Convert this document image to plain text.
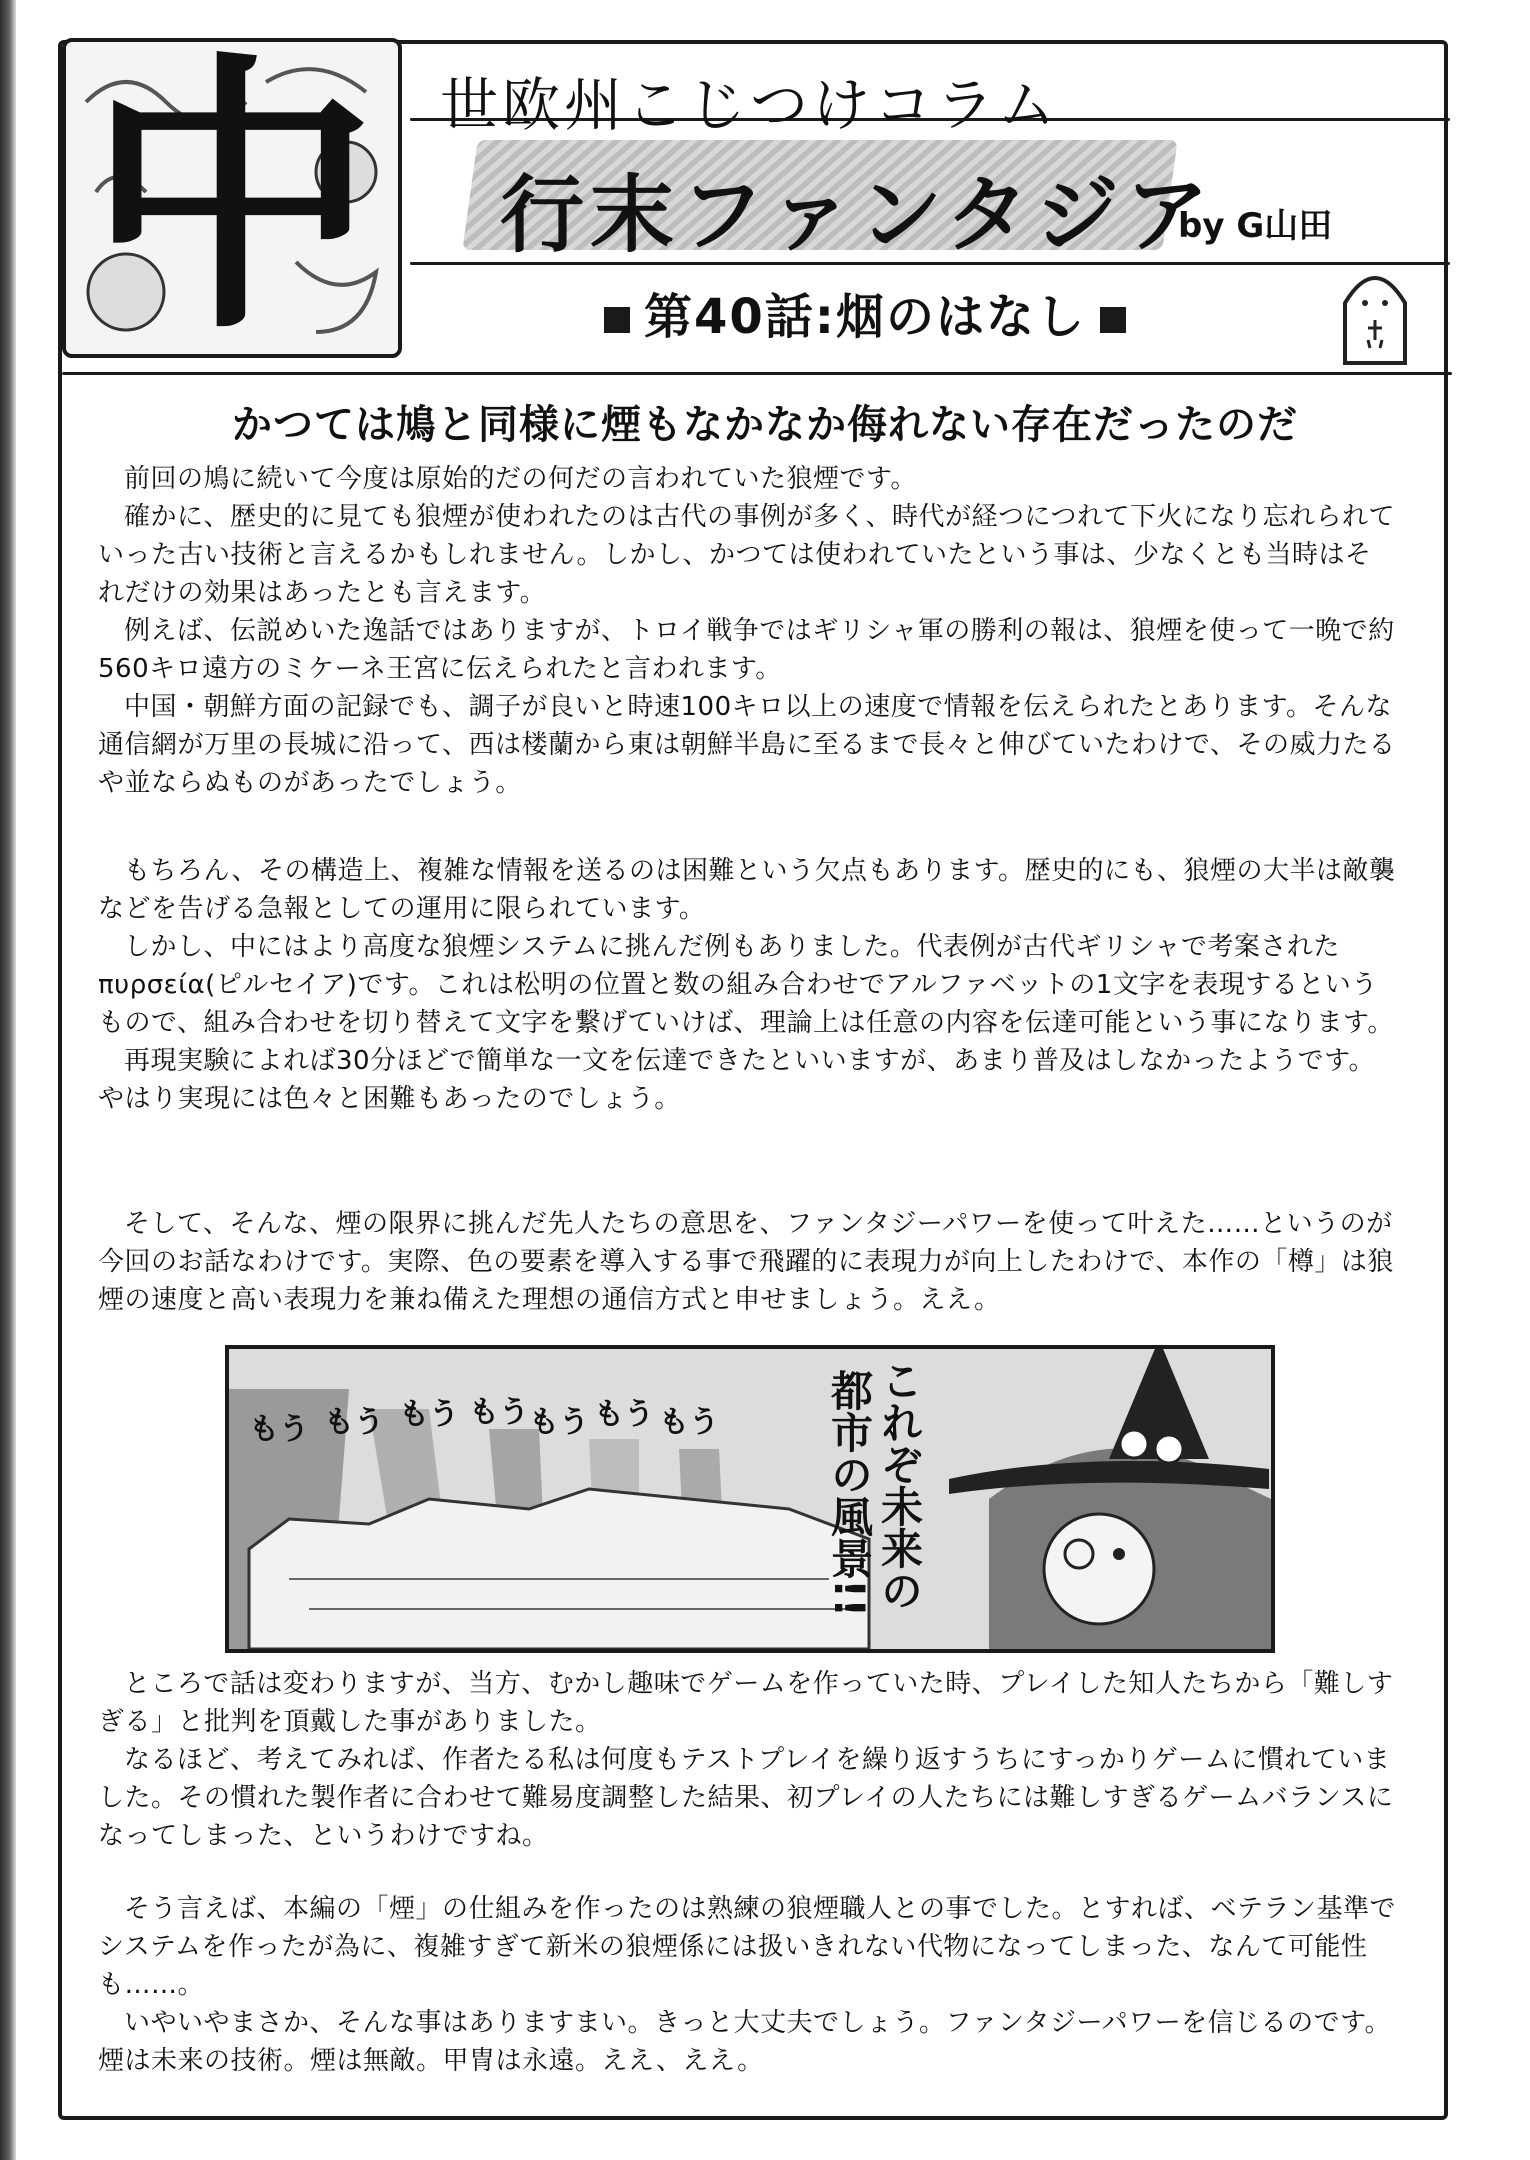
中	世欧州こじつけコラム
行末ファンタジア
by G山田
第40話:烟のはなし
かつては鳩と同様に煙もなかなか侮れない存在だったのだ

前回の鳩に続いて今度は原始的だの何だの言われていた狼煙です。

確かに、歴史的に見ても狼煙が使われたのは古代の事例が多く、時代が経つにつれて下火になり忘れられていった古い技術と言えるかもしれません。しかし、かつては使われていたという事は、少なくとも当時はそれだけの効果はあったとも言えます。

例えば、伝説めいた逸話ではありますが、トロイ戦争ではギリシャ軍の勝利の報は、狼煙を使って一晩で約560キロ遠方のミケーネ王宮に伝えられたと言われます。

中国・朝鮮方面の記録でも、調子が良いと時速100キロ以上の速度で情報を伝えられたとあります。そんな通信網が万里の長城に沿って、西は楼蘭から東は朝鮮半島に至るまで長々と伸びていたわけで、その威力たるや並ならぬものがあったでしょう。

もちろん、その構造上、複雑な情報を送るのは困難という欠点もあります。歴史的にも、狼煙の大半は敵襲などを告げる急報としての運用に限られています。

しかし、中にはより高度な狼煙システムに挑んだ例もありました。代表例が古代ギリシャで考案されたπυρσεία(ピルセイア)です。これは松明の位置と数の組み合わせでアルファベットの1文字を表現するというもので、組み合わせを切り替えて文字を繋げていけば、理論上は任意の内容を伝達可能という事になります。

再現実験によれば30分ほどで簡単な一文を伝達できたといいますが、あまり普及はしなかったようです。やはり実現には色々と困難もあったのでしょう。

そして、そんな、煙の限界に挑んだ先人たちの意思を、ファンタジーパワーを使って叶えた……というのが今回のお話なわけです。実際、色の要素を導入する事で飛躍的に表現力が向上したわけで、本作の「樽」は狼煙の速度と高い表現力を兼ね備えた理想の通信方式と申せましょう。ええ。

もう もう もう もう もう もう もう	これぞ未来の
都市の風景!!

ところで話は変わりますが、当方、むかし趣味でゲームを作っていた時、プレイした知人たちから「難しすぎる」と批判を頂戴した事がありました。

なるほど、考えてみれば、作者たる私は何度もテストプレイを繰り返すうちにすっかりゲームに慣れていました。その慣れた製作者に合わせて難易度調整した結果、初プレイの人たちには難しすぎるゲームバランスになってしまった、というわけですね。

そう言えば、本編の「煙」の仕組みを作ったのは熟練の狼煙職人との事でした。とすれば、ベテラン基準でシステムを作ったが為に、複雑すぎて新米の狼煙係には扱いきれない代物になってしまった、なんて可能性も……。

いやいやまさか、そんな事はありますまい。きっと大丈夫でしょう。ファンタジーパワーを信じるのです。煙は未来の技術。煙は無敵。甲冑は永遠。ええ、ええ。
